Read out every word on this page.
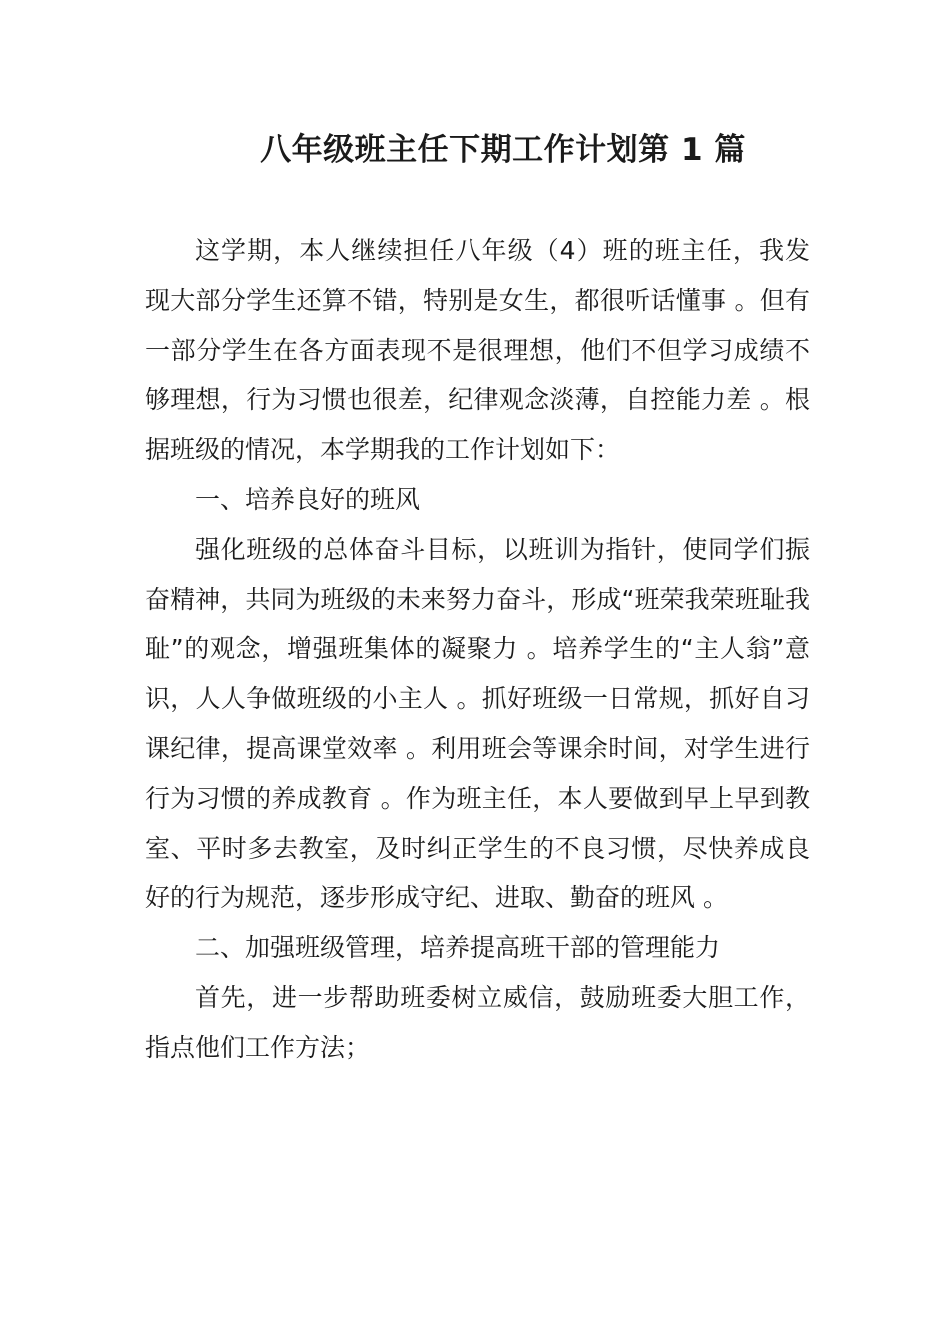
八年级班主任下期工作计划第 1 篇

这学期，本人继续担任八年级（4）班的班主任，我发现大部分学生还算不错，特别是女生，都很听话懂事 。但有一部分学生在各方面表现不是很理想，他们不但学习成绩不够理想，行为习惯也很差，纪律观念淡薄，自控能力差 。根据班级的情况，本学期我的工作计划如下：

一、培养良好的班风

强化班级的总体奋斗目标，以班训为指针，使同学们振奋精神，共同为班级的未来努力奋斗，形成“班荣我荣班耻我耻”的观念，增强班集体的凝聚力 。培养学生的“主人翁”意识，人人争做班级的小主人 。抓好班级一日常规，抓好自习课纪律，提高课堂效率 。利用班会等课余时间，对学生进行行为习惯的养成教育 。作为班主任，本人要做到早上早到教室、平时多去教室，及时纠正学生的不良习惯，尽快养成良好的行为规范，逐步形成守纪、进取、勤奋的班风 。

二、加强班级管理，培养提高班干部的管理能力

首先，进一步帮助班委树立威信，鼓励班委大胆工作，指点他们工作方法；
